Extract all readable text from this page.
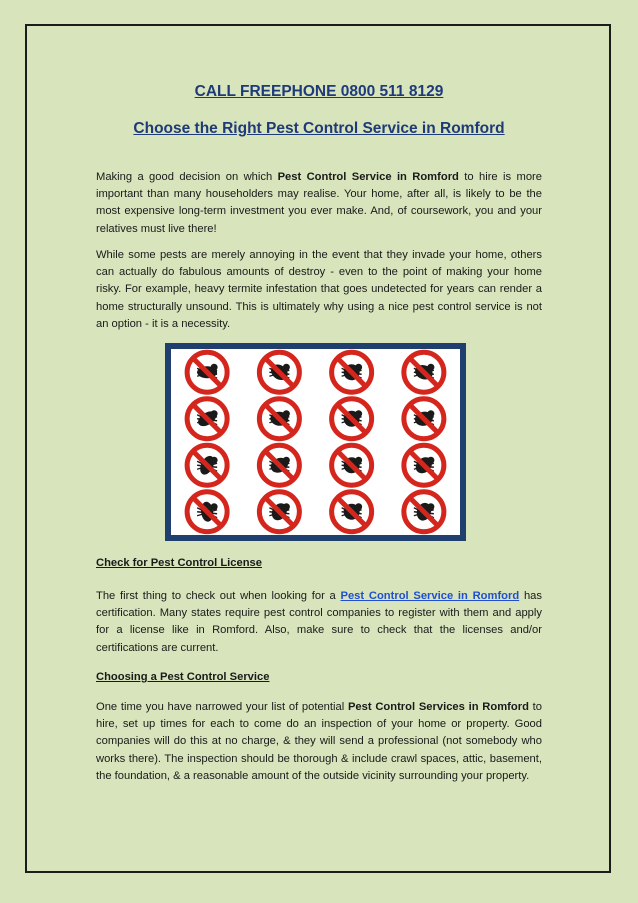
CALL FREEPHONE 0800 511 8129
Choose the Right Pest Control Service in Romford

Making a good decision on which Pest Control Service in Romford to hire is more important than many householders may realise. Your home, after all, is likely to be the most expensive long-term investment you ever make. And, of coursework, you and your relatives must live there!

While some pests are merely annoying in the event that they invade your home, others can actually do fabulous amounts of destroy - even to the point of making your home risky. For example, heavy termite infestation that goes undetected for years can render a home structurally unsound. This is ultimately why using a nice pest control service is not an option - it is a necessity.

Check for Pest Control License

The first thing to check out when looking for a Pest Control Service in Romford has certification. Many states require pest control companies to register with them and apply for a license like in Romford. Also, make sure to check that the licenses and/or certifications are current.

Choosing a Pest Control Service

One time you have narrowed your list of potential Pest Control Services in Romford to hire, set up times for each to come do an inspection of your home or property. Good companies will do this at no charge, & they will send a professional (not somebody who works there). The inspection should be thorough & include crawl spaces, attic, basement, the foundation, & a reasonable amount of the outside vicinity surrounding your property.
